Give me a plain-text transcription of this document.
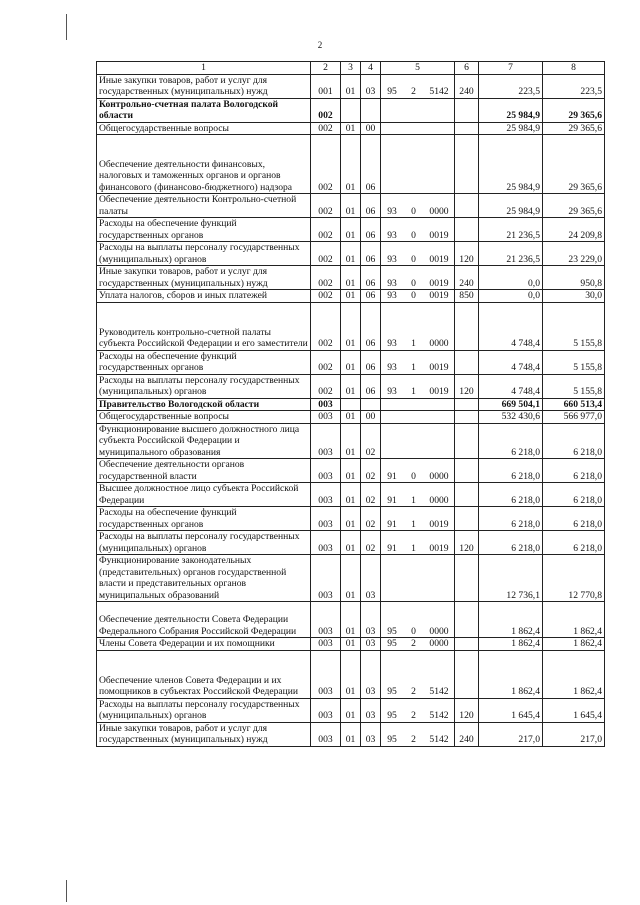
2
1	2	3	4	5	6	7	8
Иные закупки товаров, работ и услуг для государственных (муниципальных) нужд	001	01	03	95 2 5142	240	223,5	223,5
Контрольно-счетная палата Вологодской области	002					25 984,9	29 365,6
Общегосударственные вопросы	002	01	00			25 984,9	29 365,6
Обеспечение деятельности финансовых, налоговых и таможенных органов и органов финансового (финансово-бюджетного) надзора	002	01	06			25 984,9	29 365,6
Обеспечение деятельности Контрольно-счетной палаты	002	01	06	93 0 0000		25 984,9	29 365,6
Расходы на обеспечение функций государственных органов	002	01	06	93 0 0019		21 236,5	24 209,8
Расходы на выплаты персоналу государственных (муниципальных) органов	002	01	06	93 0 0019	120	21 236,5	23 229,0
Иные закупки товаров, работ и услуг для государственных (муниципальных) нужд	002	01	06	93 0 0019	240	0,0	950,8
Уплата налогов, сборов и иных платежей	002	01	06	93 0 0019	850	0,0	30,0
Руководитель контрольно-счетной палаты субъекта Российской Федерации и его заместители	002	01	06	93 1 0000		4 748,4	5 155,8
Расходы на обеспечение функций государственных органов	002	01	06	93 1 0019		4 748,4	5 155,8
Расходы на выплаты персоналу государственных (муниципальных) органов	002	01	06	93 1 0019	120	4 748,4	5 155,8
Правительство Вологодской области	003					669 504,1	660 513,4
Общегосударственные вопросы	003	01	00			532 430,6	566 977,0
Функционирование высшего должностного лица субъекта Российской Федерации и муниципального образования	003	01	02			6 218,0	6 218,0
Обеспечение деятельности органов государственной власти	003	01	02	91 0 0000		6 218,0	6 218,0
Высшее должностное лицо субъекта Российской Федерации	003	01	02	91 1 0000		6 218,0	6 218,0
Расходы на обеспечение функций государственных органов	003	01	02	91 1 0019		6 218,0	6 218,0
Расходы на выплаты персоналу государственных (муниципальных) органов	003	01	02	91 1 0019	120	6 218,0	6 218,0
Функционирование законодательных (представительных) органов государственной власти и представительных органов муниципальных образований	003	01	03			12 736,1	12 770,8
Обеспечение деятельности Совета Федерации Федерального Собрания Российской Федерации	003	01	03	95 0 0000		1 862,4	1 862,4
Члены Совета Федерации и их помощники	003	01	03	95 2 0000		1 862,4	1 862,4
Обеспечение членов Совета Федерации и их помощников в субъектах Российской Федерации	003	01	03	95 2 5142		1 862,4	1 862,4
Расходы на выплаты персоналу государственных (муниципальных) органов	003	01	03	95 2 5142	120	1 645,4	1 645,4
Иные закупки товаров, работ и услуг для государственных (муниципальных) нужд	003	01	03	95 2 5142	240	217,0	217,0
